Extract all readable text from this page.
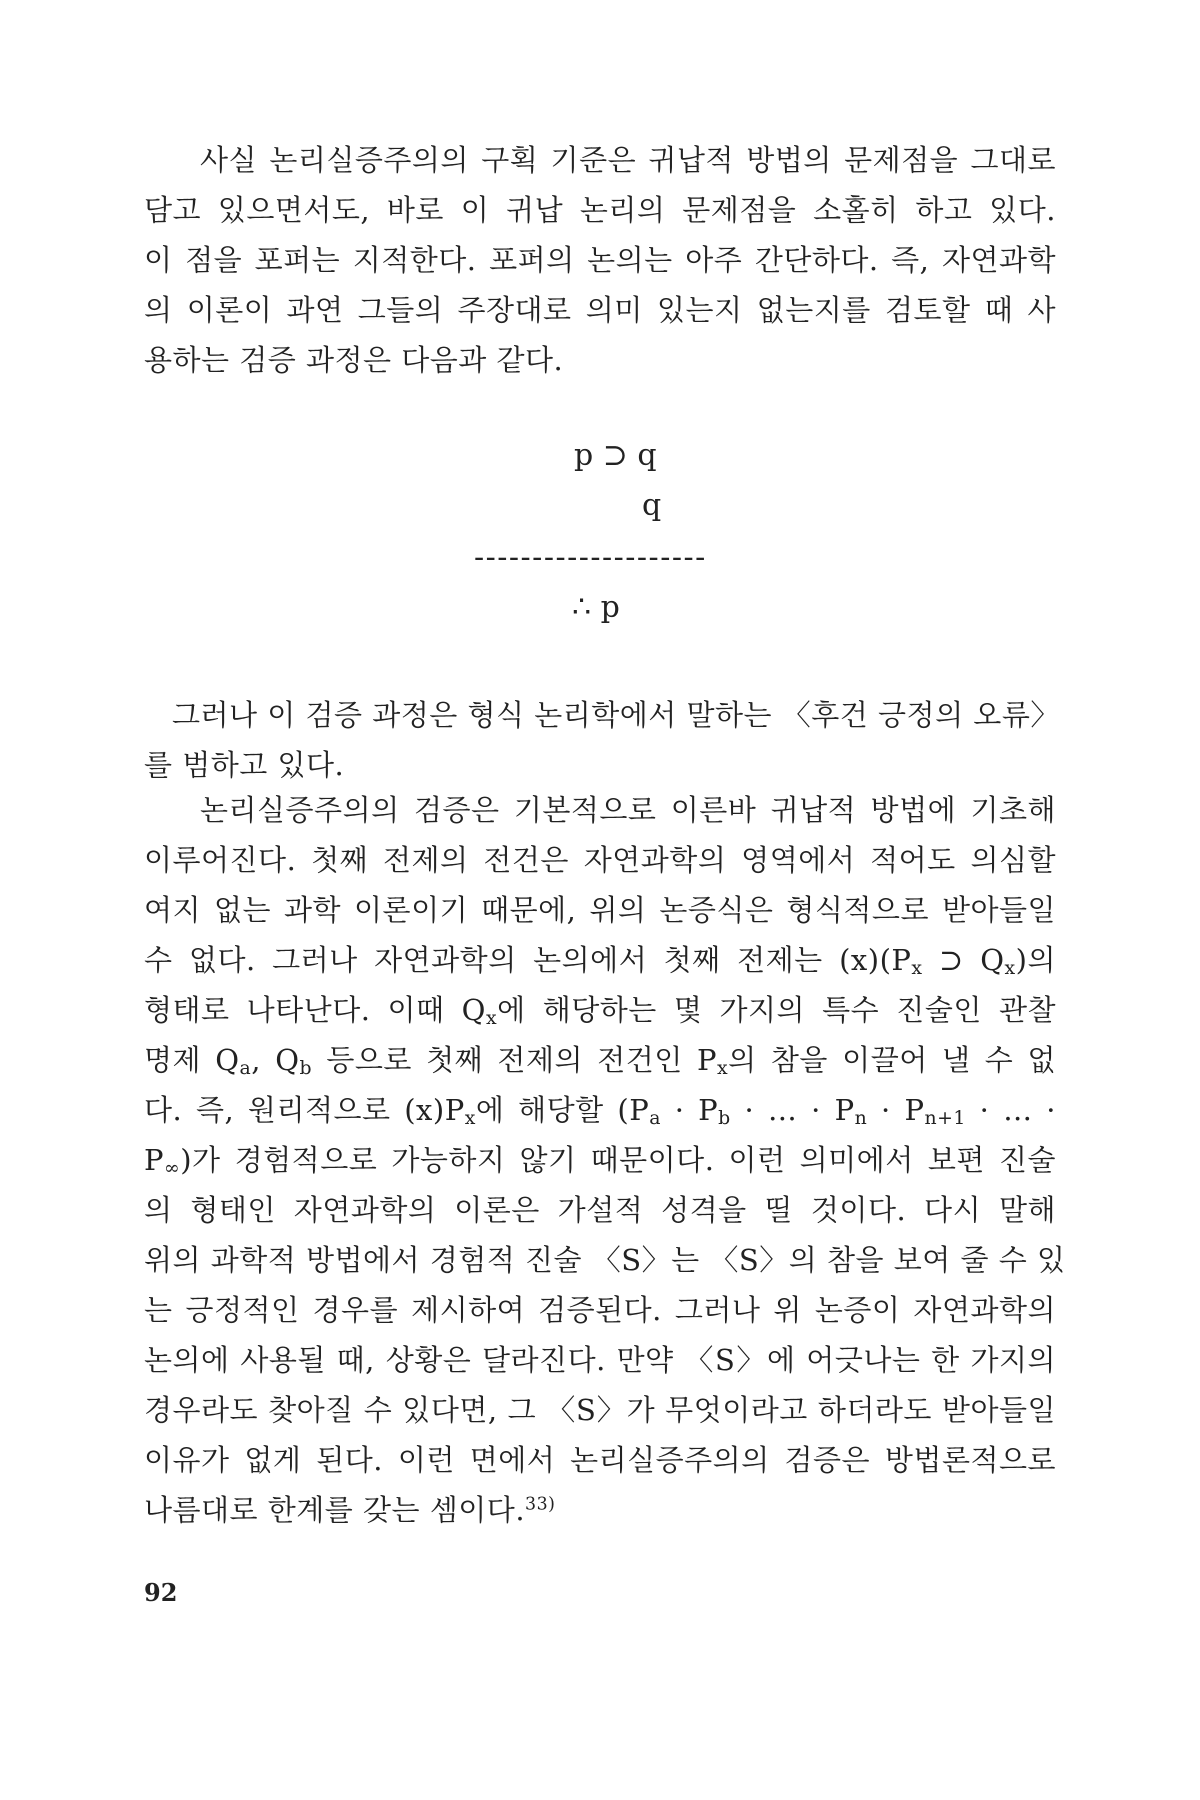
사실 논리실증주의의 구획 기준은 귀납적 방법의 문제점을 그대로
담고 있으면서도, 바로 이 귀납 논리의 문제점을 소홀히 하고 있다.
이 점을 포퍼는 지적한다. 포퍼의 논의는 아주 간단하다. 즉, 자연과학
의 이론이 과연 그들의 주장대로 의미 있는지 없는지를 검토할 때 사
용하는 검증 과정은 다음과 같다.
p ⊃ q
q
--------------------
∴ p
그러나 이 검증 과정은 형식 논리학에서 말하는 〈후건 긍정의 오류〉
를 범하고 있다.
논리실증주의의 검증은 기본적으로 이른바 귀납적 방법에 기초해
이루어진다. 첫째 전제의 전건은 자연과학의 영역에서 적어도 의심할
여지 없는 과학 이론이기 때문에, 위의 논증식은 형식적으로 받아들일
수 없다. 그러나 자연과학의 논의에서 첫째 전제는 (x)(Px ⊃ Qx)의
형태로 나타난다. 이때 Qx에 해당하는 몇 가지의 특수 진술인 관찰
명제 Qa, Qb 등으로 첫째 전제의 전건인 Px의 참을 이끌어 낼 수 없
다. 즉, 원리적으로 (x)Px에 해당할 (Pa · Pb · … · Pn · Pn+1 · … ·
P∞)가 경험적으로 가능하지 않기 때문이다. 이런 의미에서 보편 진술
의 형태인 자연과학의 이론은 가설적 성격을 띨 것이다. 다시 말해
위의 과학적 방법에서 경험적 진술 〈S〉는 〈S〉의 참을 보여 줄 수 있
는 긍정적인 경우를 제시하여 검증된다. 그러나 위 논증이 자연과학의
논의에 사용될 때, 상황은 달라진다. 만약 〈S〉에 어긋나는 한 가지의
경우라도 찾아질 수 있다면, 그 〈S〉가 무엇이라고 하더라도 받아들일
이유가 없게 된다. 이런 면에서 논리실증주의의 검증은 방법론적으로
나름대로 한계를 갖는 셈이다.$^{33)}$
92
